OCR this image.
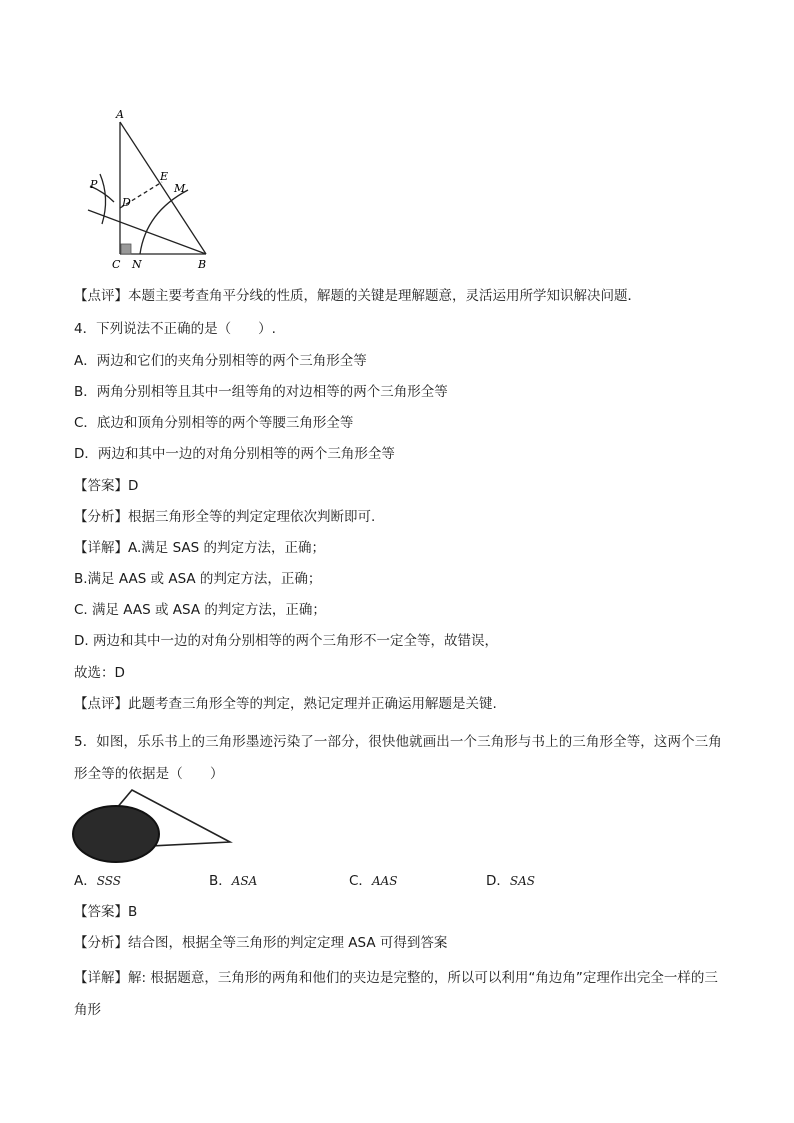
A
E
M
P
D
C N	B
【点评】本题主要考查角平分线的性质，解题的关键是理解题意，灵活运用所学知识解决问题．
4．下列说法不正确的是（　　）.
A．两边和它们的夹角分别相等的两个三角形全等
B．两角分别相等且其中一组等角的对边相等的两个三角形全等
C．底边和顶角分别相等的两个等腰三角形全等
D．两边和其中一边的对角分别相等的两个三角形全等
【答案】D
【分析】根据三角形全等的判定定理依次判断即可.
【详解】A.满足 SAS 的判定方法，正确；
B.满足 AAS 或 ASA 的判定方法，正确；
C. 满足 AAS 或 ASA 的判定方法，正确；
D. 两边和其中一边的对角分别相等的两个三角形不一定全等，故错误，
故选：D
【点评】此题考查三角形全等的判定，熟记定理并正确运用解题是关键.
5．如图，乐乐书上的三角形墨迹污染了一部分，很快他就画出一个三角形与书上的三角形全等，这两个三角形全等的依据是（　　）
A．SSS	B．ASA	C．AAS	D．SAS
【答案】B
【分析】结合图，根据全等三角形的判定定理 ASA 可得到答案
【详解】解: 根据题意，三角形的两角和他们的夹边是完整的，所以可以利用“角边角”定理作出完全一样的三角形
